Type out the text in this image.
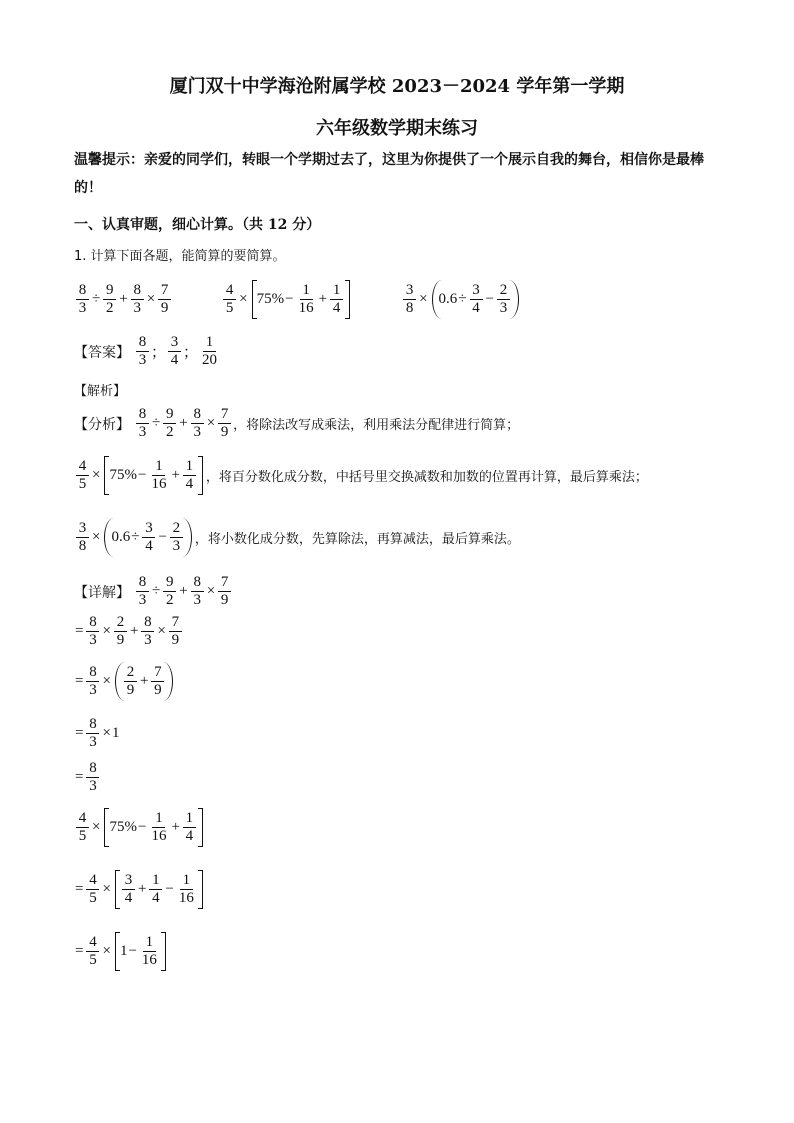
厦门双十中学海沧附属学校 2023－2024 学年第一学期
六年级数学期末练习
温馨提示：亲爱的同学们，转眼一个学期过去了，这里为你提供了一个展示自我的舞台，相信你是最棒的！
一、认真审题，细心计算。（共 12 分）
1. 计算下面各题，能简算的要简算。
$\frac{8}{3} \div \frac{9}{2} + \frac{8}{3} \times \frac{7}{9}$	$\frac{4}{5} \times 75\% - \frac{1}{16} + \frac{1}{4}$	$\frac{3}{8} \times 0.6 \div \frac{3}{4} - \frac{2}{3}$
【答案】 $\frac{8}{3}$ ； $\frac{3}{4}$ ； $\frac{1}{20}$
【解析】
【分析】 $\frac{8}{3} \div \frac{9}{2} + \frac{8}{3} \times \frac{7}{9}$ ，将除法改写成乘法，利用乘法分配律进行简算；
$\frac{4}{5} \times 75\% - \frac{1}{16} + \frac{1}{4}$ ，将百分数化成分数，中括号里交换减数和加数的位置再计算，最后算乘法；
$\frac{3}{8} \times 0.6 \div \frac{3}{4} - \frac{2}{3}$ ，将小数化成分数，先算除法，再算减法，最后算乘法。
【详解】 $\frac{8}{3} \div \frac{9}{2} + \frac{8}{3} \times \frac{7}{9}$
= $\frac{8}{3} \times \frac{2}{9} + \frac{8}{3} \times \frac{7}{9}$
= $\frac{8}{3} \times \frac{2}{9} + \frac{7}{9}$
= $\frac{8}{3} \times 1$
= $\frac{8}{3}$
$\frac{4}{5} \times 75\% - \frac{1}{16} + \frac{1}{4}$
= $\frac{4}{5} \times \frac{3}{4} + \frac{1}{4} - \frac{1}{16}$
= $\frac{4}{5} \times 1 - \frac{1}{16}$
